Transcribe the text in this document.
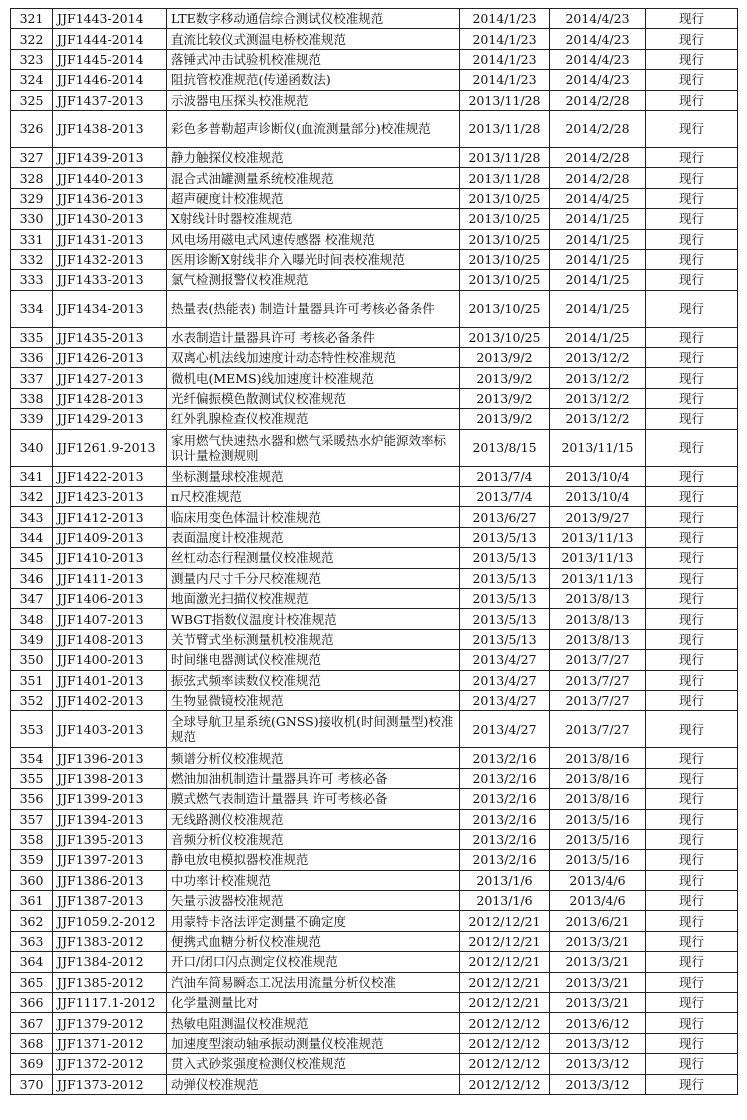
321	JJF1443-2014	LTE数字移动通信综合测试仪校准规范	2014/1/23	2014/4/23	现行
322	JJF1444-2014	直流比较仪式测温电桥校准规范	2014/1/23	2014/4/23	现行
323	JJF1445-2014	落锤式冲击试验机校准规范	2014/1/23	2014/4/23	现行
324	JJF1446-2014	阻抗管校准规范(传递函数法)	2014/1/23	2014/4/23	现行
325	JJF1437-2013	示波器电压探头校准规范	2013/11/28	2014/2/28	现行
326	JJF1438-2013	彩色多普勒超声诊断仪(血流测量部分)校准规范	2013/11/28	2014/2/28	现行
327	JJF1439-2013	静力触探仪校准规范	2013/11/28	2014/2/28	现行
328	JJF1440-2013	混合式油罐测量系统校准规范	2013/11/28	2014/2/28	现行
329	JJF1436-2013	超声硬度计校准规范	2013/10/25	2014/4/25	现行
330	JJF1430-2013	X射线计时器校准规范	2013/10/25	2014/1/25	现行
331	JJF1431-2013	风电场用磁电式风速传感器 校准规范	2013/10/25	2014/1/25	现行
332	JJF1432-2013	医用诊断X射线非介入曝光时间表校准规范	2013/10/25	2014/1/25	现行
333	JJF1433-2013	氯气检测报警仪校准规范	2013/10/25	2014/1/25	现行
334	JJF1434-2013	热量表(热能表) 制造计量器具许可考核必备条件	2013/10/25	2014/1/25	现行
335	JJF1435-2013	水表制造计量器具许可 考核必备条件	2013/10/25	2014/1/25	现行
336	JJF1426-2013	双离心机法线加速度计动态特性校准规范	2013/9/2	2013/12/2	现行
337	JJF1427-2013	微机电(MEMS)线加速度计校准规范	2013/9/2	2013/12/2	现行
338	JJF1428-2013	光纤偏振模色散测试仪校准规范	2013/9/2	2013/12/2	现行
339	JJF1429-2013	红外乳腺检查仪校准规范	2013/9/2	2013/12/2	现行
340	JJF1261.9-2013	家用燃气快速热水器和燃气采暖热水炉能源效率标识计量检测规则	2013/8/15	2013/11/15	现行
341	JJF1422-2013	坐标测量球校准规范	2013/7/4	2013/10/4	现行
342	JJF1423-2013	π尺校准规范	2013/7/4	2013/10/4	现行
343	JJF1412-2013	临床用变色体温计校准规范	2013/6/27	2013/9/27	现行
344	JJF1409-2013	表面温度计校准规范	2013/5/13	2013/11/13	现行
345	JJF1410-2013	丝杠动态行程测量仪校准规范	2013/5/13	2013/11/13	现行
346	JJF1411-2013	测量内尺寸千分尺校准规范	2013/5/13	2013/11/13	现行
347	JJF1406-2013	地面激光扫描仪校准规范	2013/5/13	2013/8/13	现行
348	JJF1407-2013	WBGT指数仪温度计校准规范	2013/5/13	2013/8/13	现行
349	JJF1408-2013	关节臂式坐标测量机校准规范	2013/5/13	2013/8/13	现行
350	JJF1400-2013	时间继电器测试仪校准规范	2013/4/27	2013/7/27	现行
351	JJF1401-2013	振弦式频率读数仪校准规范	2013/4/27	2013/7/27	现行
352	JJF1402-2013	生物显微镜校准规范	2013/4/27	2013/7/27	现行
353	JJF1403-2013	全球导航卫星系统(GNSS)接收机(时间测量型)校准规范	2013/4/27	2013/7/27	现行
354	JJF1396-2013	频谱分析仪校准规范	2013/2/16	2013/8/16	现行
355	JJF1398-2013	燃油加油机制造计量器具许可 考核必备	2013/2/16	2013/8/16	现行
356	JJF1399-2013	膜式燃气表制造计量器具 许可考核必备	2013/2/16	2013/8/16	现行
357	JJF1394-2013	无线路测仪校准规范	2013/2/16	2013/5/16	现行
358	JJF1395-2013	音频分析仪校准规范	2013/2/16	2013/5/16	现行
359	JJF1397-2013	静电放电模拟器校准规范	2013/2/16	2013/5/16	现行
360	JJF1386-2013	中功率计校准规范	2013/1/6	2013/4/6	现行
361	JJF1387-2013	矢量示波器校准规范	2013/1/6	2013/4/6	现行
362	JJF1059.2-2012	用蒙特卡洛法评定测量不确定度	2012/12/21	2013/6/21	现行
363	JJF1383-2012	便携式血糖分析仪校准规范	2012/12/21	2013/3/21	现行
364	JJF1384-2012	开口/闭口闪点测定仪校准规范	2012/12/21	2013/3/21	现行
365	JJF1385-2012	汽油车简易瞬态工况法用流量分析仪校准	2012/12/21	2013/3/21	现行
366	JJF1117.1-2012	化学量测量比对	2012/12/21	2013/3/21	现行
367	JJF1379-2012	热敏电阻测温仪校准规范	2012/12/12	2013/6/12	现行
368	JJF1371-2012	加速度型滚动轴承振动测量仪校准规范	2012/12/12	2013/3/12	现行
369	JJF1372-2012	贯入式砂浆强度检测仪校准规范	2012/12/12	2013/3/12	现行
370	JJF1373-2012	动弹仪校准规范	2012/12/12	2013/3/12	现行
